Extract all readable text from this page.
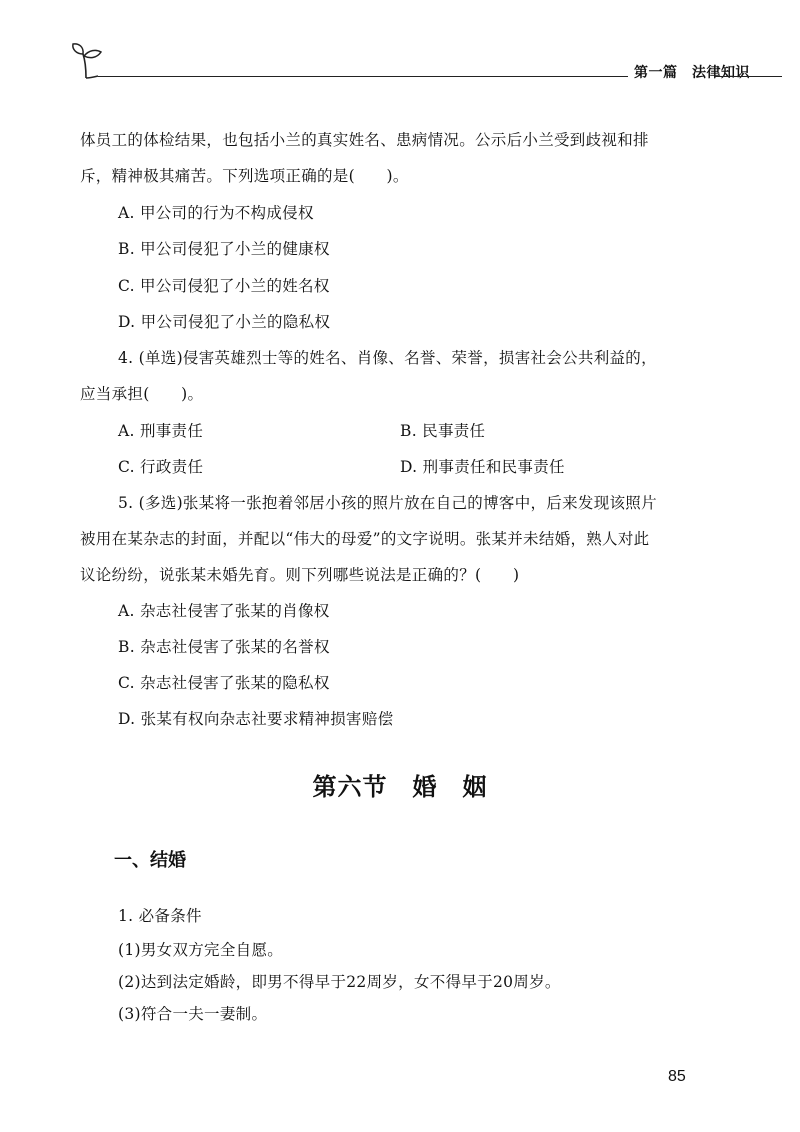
第一篇　法律知识
体员工的体检结果，也包括小兰的真实姓名、患病情况。公示后小兰受到歧视和排
斥，精神极其痛苦。下列选项正确的是(　　)。
A. 甲公司的行为不构成侵权
B. 甲公司侵犯了小兰的健康权
C. 甲公司侵犯了小兰的姓名权
D. 甲公司侵犯了小兰的隐私权
4. (单选)侵害英雄烈士等的姓名、肖像、名誉、荣誉，损害社会公共利益的，
应当承担(　　)。
A. 刑事责任	B. 民事责任
C. 行政责任	D. 刑事责任和民事责任
5. (多选)张某将一张抱着邻居小孩的照片放在自己的博客中，后来发现该照片
被用在某杂志的封面，并配以“伟大的母爱”的文字说明。张某并未结婚，熟人对此
议论纷纷，说张某未婚先育。则下列哪些说法是正确的？(　　)
A. 杂志社侵害了张某的肖像权
B. 杂志社侵害了张某的名誉权
C. 杂志社侵害了张某的隐私权
D. 张某有权向杂志社要求精神损害赔偿
第六节　婚　姻
一、结婚
1. 必备条件
(1)男女双方完全自愿。
(2)达到法定婚龄，即男不得早于22周岁，女不得早于20周岁。
(3)符合一夫一妻制。
85
